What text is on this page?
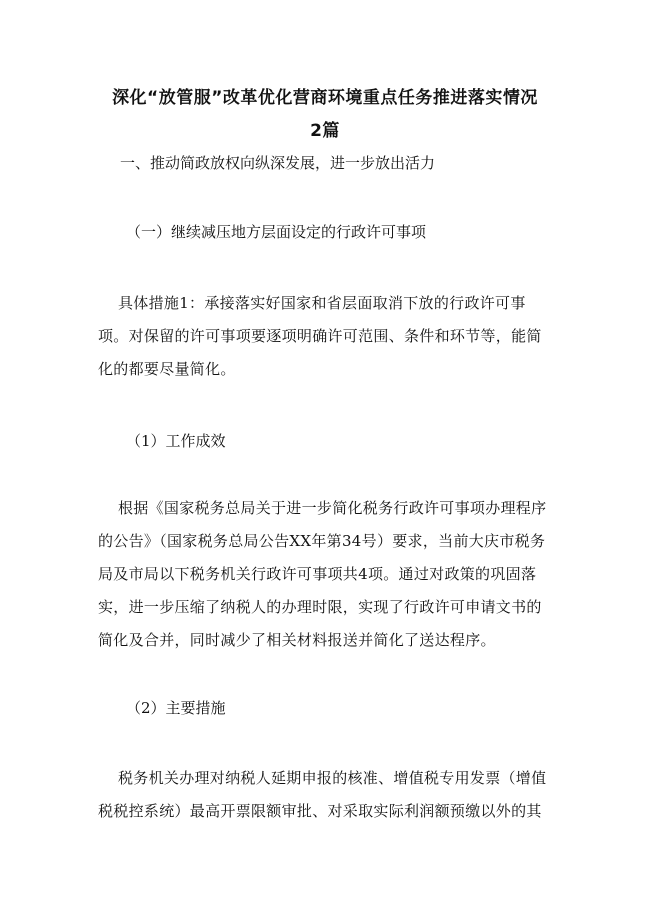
深化“放管服”改革优化营商环境重点任务推进落实情况
2篇
一、推动简政放权向纵深发展，进一步放出活力
（一）继续减压地方层面设定的行政许可事项
具体措施1：承接落实好国家和省层面取消下放的行政许可事项。对保留的许可事项要逐项明确许可范围、条件和环节等，能简化的都要尽量简化。
（1）工作成效
根据《国家税务总局关于进一步简化税务行政许可事项办理程序的公告》（国家税务总局公告XX年第34号）要求，当前大庆市税务局及市局以下税务机关行政许可事项共4项。通过对政策的巩固落实，进一步压缩了纳税人的办理时限，实现了行政许可申请文书的简化及合并，同时减少了相关材料报送并简化了送达程序。
（2）主要措施
税务机关办理对纳税人延期申报的核准、增值税专用发票（增值税税控系统）最高开票限额审批、对采取实际利润额预缴以外的其
